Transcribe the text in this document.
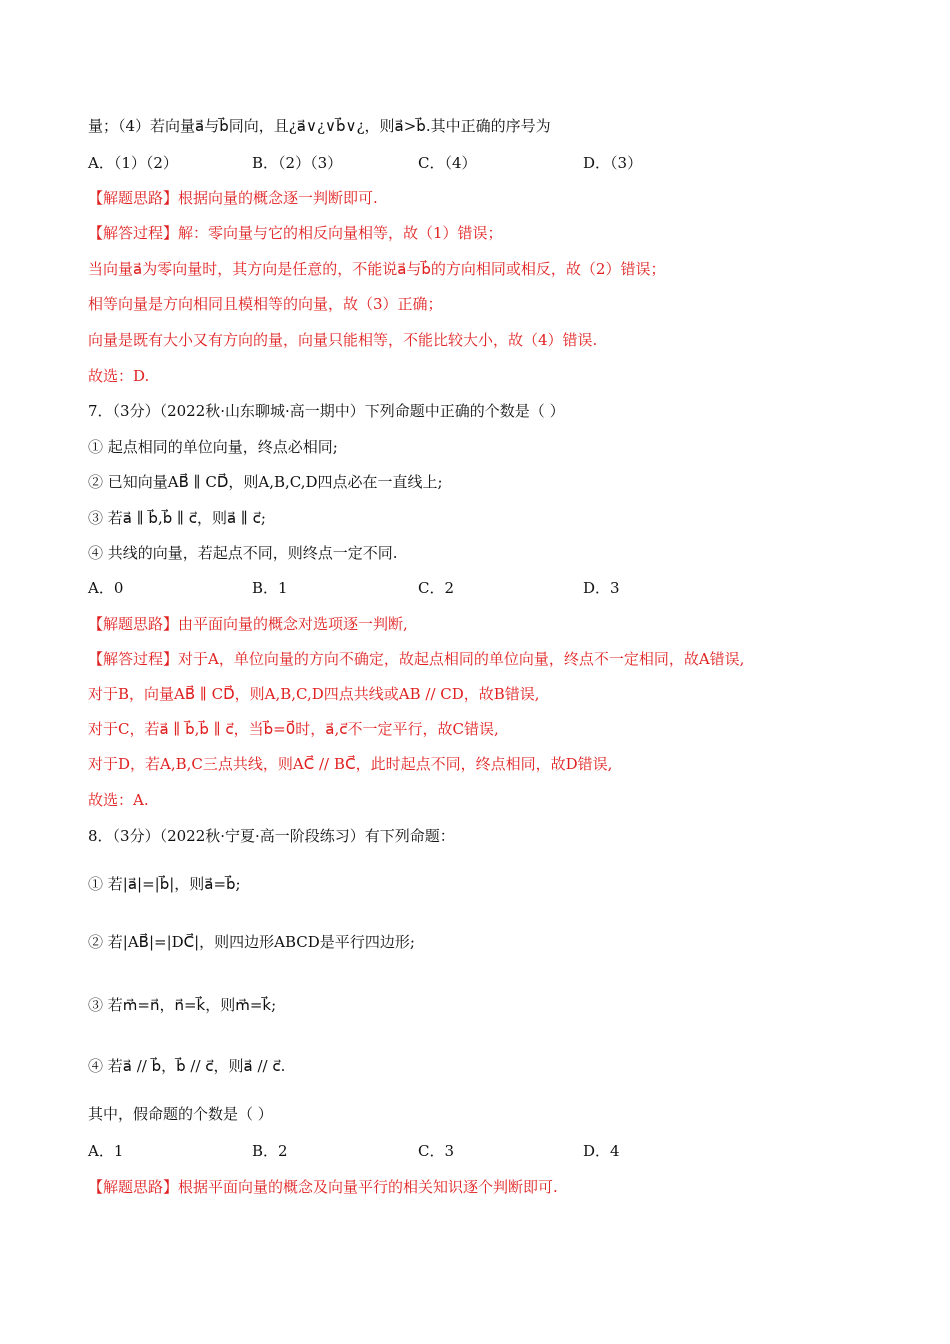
量；（4）若向量a⃗与b⃗同向，且¿a⃗∨¿∨b⃗∨¿，则a⃗>b⃗.其中正确的序号为
A．（1）（2）	B．（2）（3）	C．（4）	D．（3）
【解题思路】根据向量的概念逐一判断即可.
【解答过程】解：零向量与它的相反向量相等，故（1）错误；
当向量a⃗为零向量时，其方向是任意的，不能说a⃗与b⃗的方向相同或相反，故（2）错误；
相等向量是方向相同且模相等的向量，故（3）正确；
向量是既有大小又有方向的量，向量只能相等，不能比较大小，故（4）错误.
故选：D.
7．（3分）（2022秋·山东聊城·高一期中）下列命题中正确的个数是（ ）
① 起点相同的单位向量，终点必相同;
② 已知向量AB⃗ ∥ CD⃗，则A,B,C,D四点必在一直线上;
③ 若a⃗ ∥ b⃗,b⃗ ∥ c⃗，则a⃗ ∥ c⃗;
④ 共线的向量，若起点不同，则终点一定不同.
A．0	B．1	C．2	D．3
【解题思路】由平面向量的概念对选项逐一判断,
【解答过程】对于A，单位向量的方向不确定，故起点相同的单位向量，终点不一定相同，故A错误,
对于B，向量AB⃗ ∥ CD⃗，则A,B,C,D四点共线或AB // CD，故B错误,
对于C，若a⃗ ∥ b⃗,b⃗ ∥ c⃗，当b⃗=0⃗时，a⃗,c⃗不一定平行，故C错误,
对于D，若A,B,C三点共线，则AC⃗ // BC⃗，此时起点不同，终点相同，故D错误,
故选：A.
8．（3分）（2022秋·宁夏·高一阶段练习）有下列命题：
① 若|a⃗|=|b⃗|，则a⃗=b⃗;
② 若|AB⃗|=|DC⃗|，则四边形ABCD是平行四边形;
③ 若m⃗=n⃗，n⃗=k⃗，则m⃗=k⃗;
④ 若a⃗ // b⃗，b⃗ // c⃗，则a⃗ // c⃗.
其中，假命题的个数是（ ）
A．1	B．2	C．3	D．4
【解题思路】根据平面向量的概念及向量平行的相关知识逐个判断即可.
